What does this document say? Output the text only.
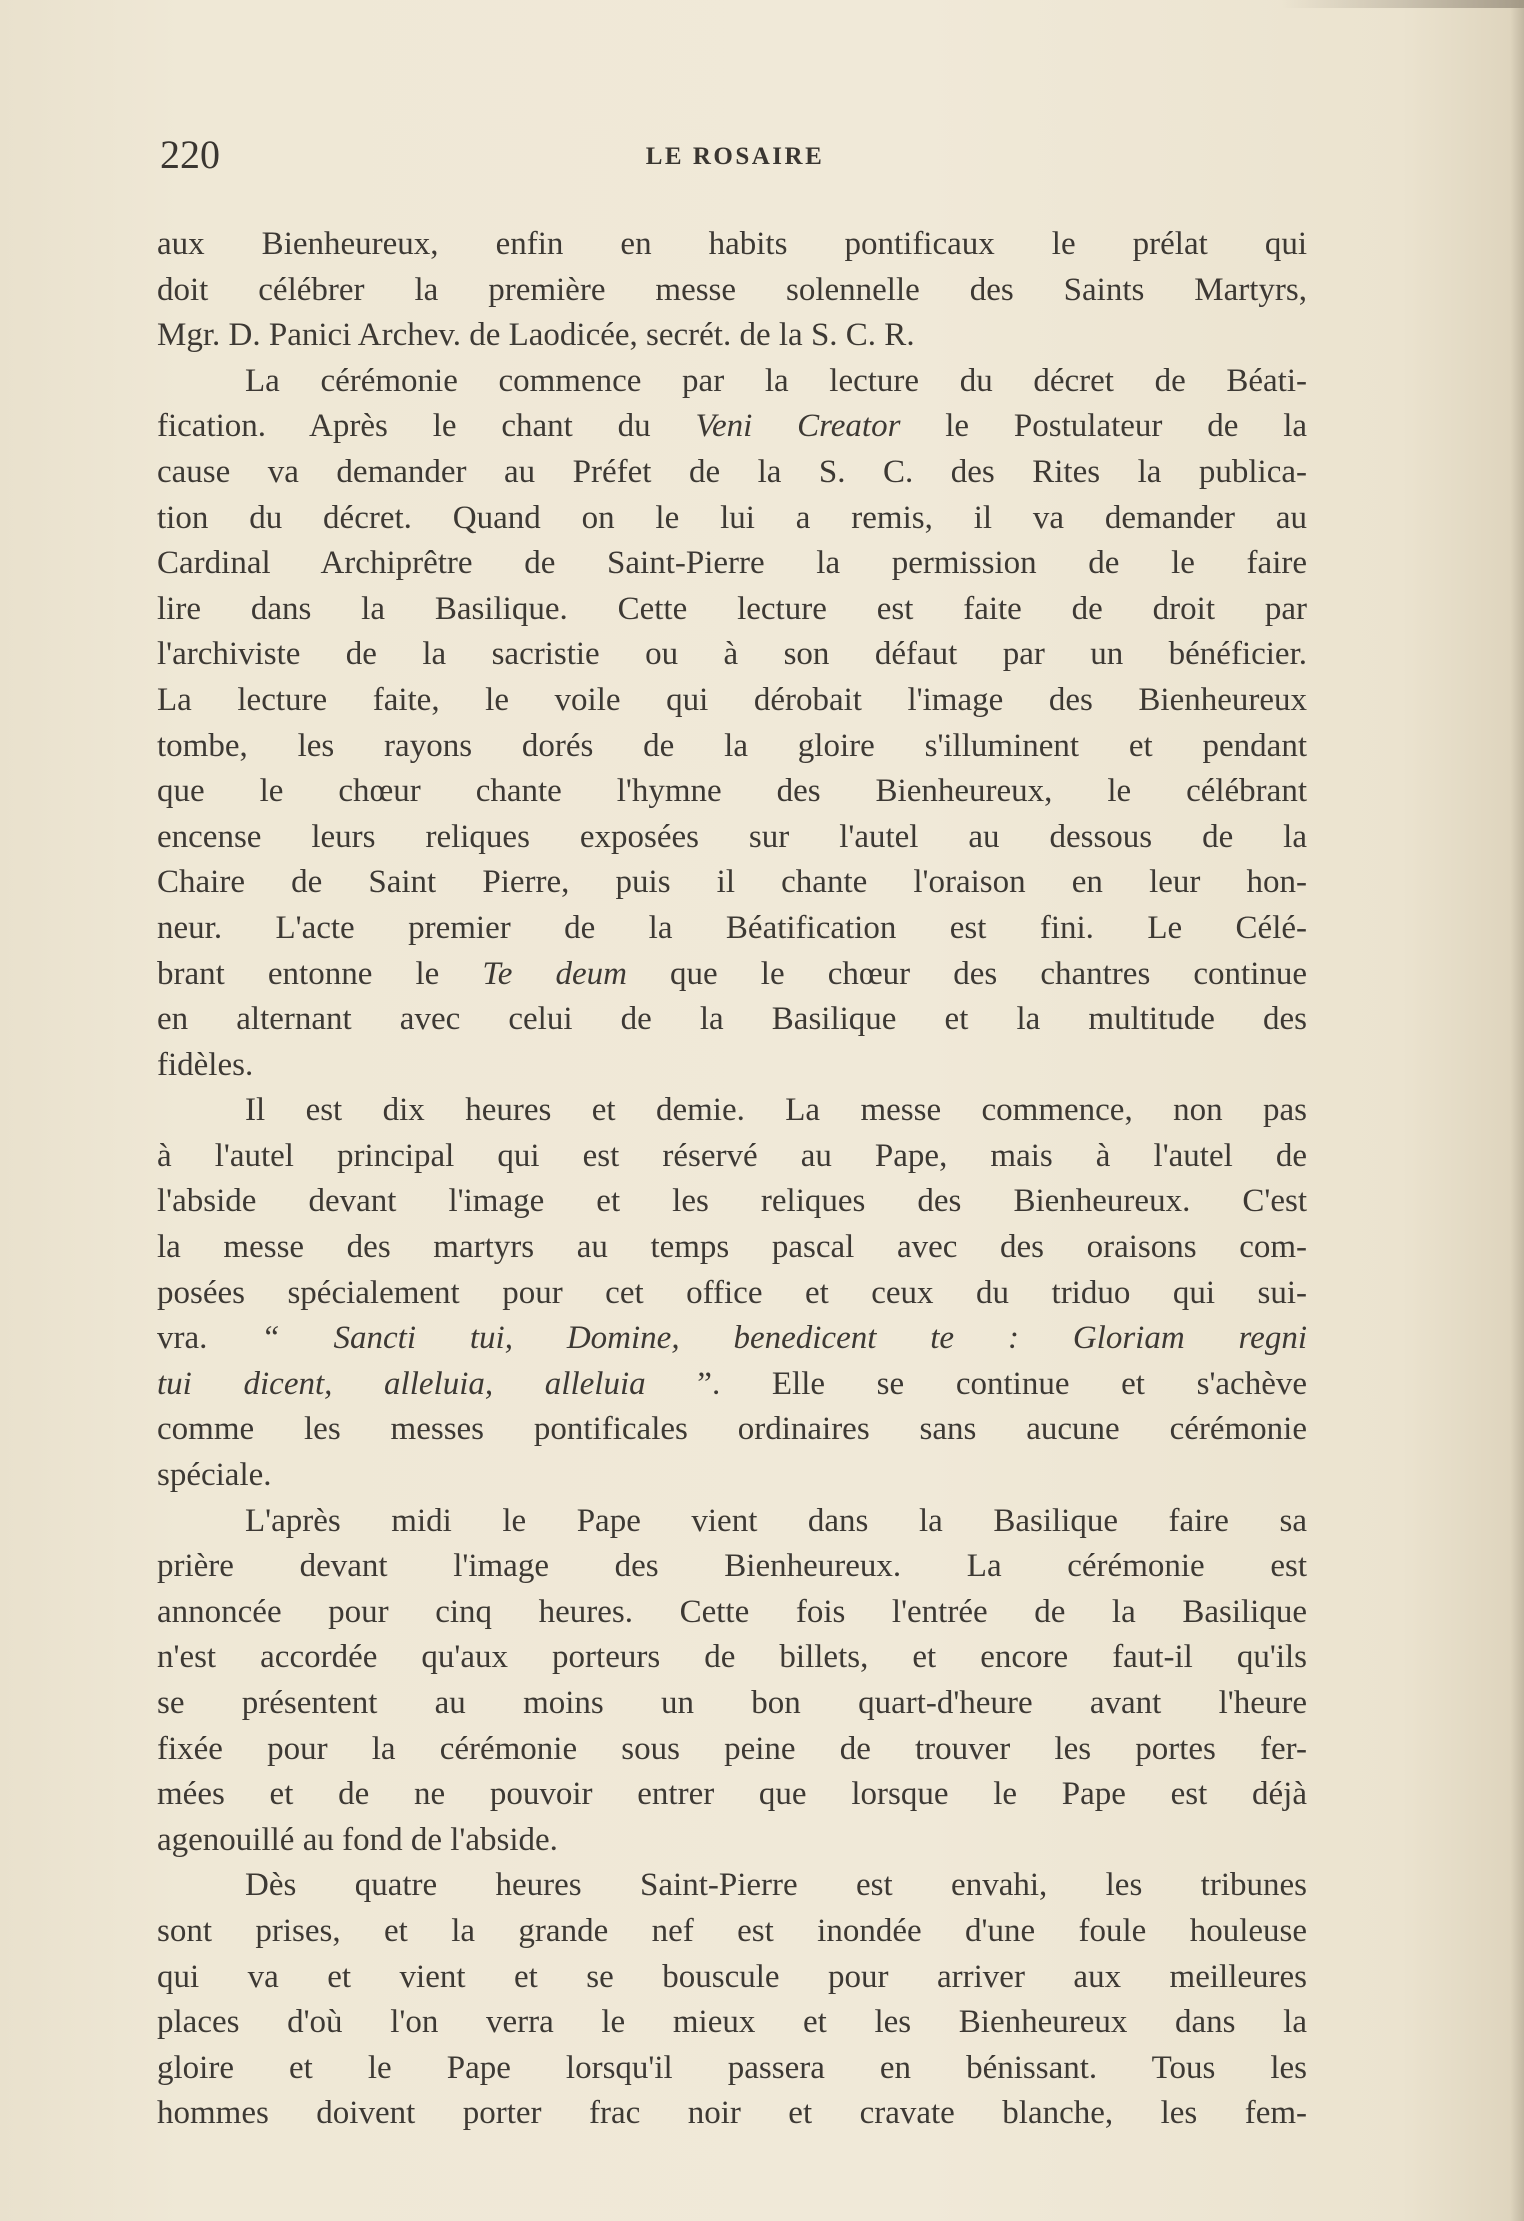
220	LE ROSAIRE

aux Bienheureux, enfin en habits pontificaux le prélat qui
doit célébrer la première messe solennelle des Saints Martyrs,
Mgr. D. Panici Archev. de Laodicée, secrét. de la S. C. R.

La cérémonie commence par la lecture du décret de Béati-
fication. Après le chant du Veni Creator le Postulateur de la
cause va demander au Préfet de la S. C. des Rites la publica-
tion du décret. Quand on le lui a remis, il va demander au
Cardinal Archiprêtre de Saint-Pierre la permission de le faire
lire dans la Basilique. Cette lecture est faite de droit par
l'archiviste de la sacristie ou à son défaut par un bénéficier.
La lecture faite, le voile qui dérobait l'image des Bienheureux
tombe, les rayons dorés de la gloire s'illuminent et pendant
que le chœur chante l'hymne des Bienheureux, le célébrant
encense leurs reliques exposées sur l'autel au dessous de la
Chaire de Saint Pierre, puis il chante l'oraison en leur hon-
neur. L'acte premier de la Béatification est fini. Le Célé-
brant entonne le Te deum que le chœur des chantres continue
en alternant avec celui de la Basilique et la multitude des
fidèles.

Il est dix heures et demie. La messe commence, non pas
à l'autel principal qui est réservé au Pape, mais à l'autel de
l'abside devant l'image et les reliques des Bienheureux. C'est
la messe des martyrs au temps pascal avec des oraisons com-
posées spécialement pour cet office et ceux du triduo qui sui-
vra. “ Sancti tui, Domine, benedicent te : Gloriam regni
tui dicent, alleluia, alleluia ”. Elle se continue et s'achève
comme les messes pontificales ordinaires sans aucune cérémonie
spéciale.

L'après midi le Pape vient dans la Basilique faire sa
prière devant l'image des Bienheureux. La cérémonie est
annoncée pour cinq heures. Cette fois l'entrée de la Basilique
n'est accordée qu'aux porteurs de billets, et encore faut-il qu'ils
se présentent au moins un bon quart-d'heure avant l'heure
fixée pour la cérémonie sous peine de trouver les portes fer-
mées et de ne pouvoir entrer que lorsque le Pape est déjà
agenouillé au fond de l'abside.

Dès quatre heures Saint-Pierre est envahi, les tribunes
sont prises, et la grande nef est inondée d'une foule houleuse
qui va et vient et se bouscule pour arriver aux meilleures
places d'où l'on verra le mieux et les Bienheureux dans la
gloire et le Pape lorsqu'il passera en bénissant. Tous les
hommes doivent porter frac noir et cravate blanche, les fem-
